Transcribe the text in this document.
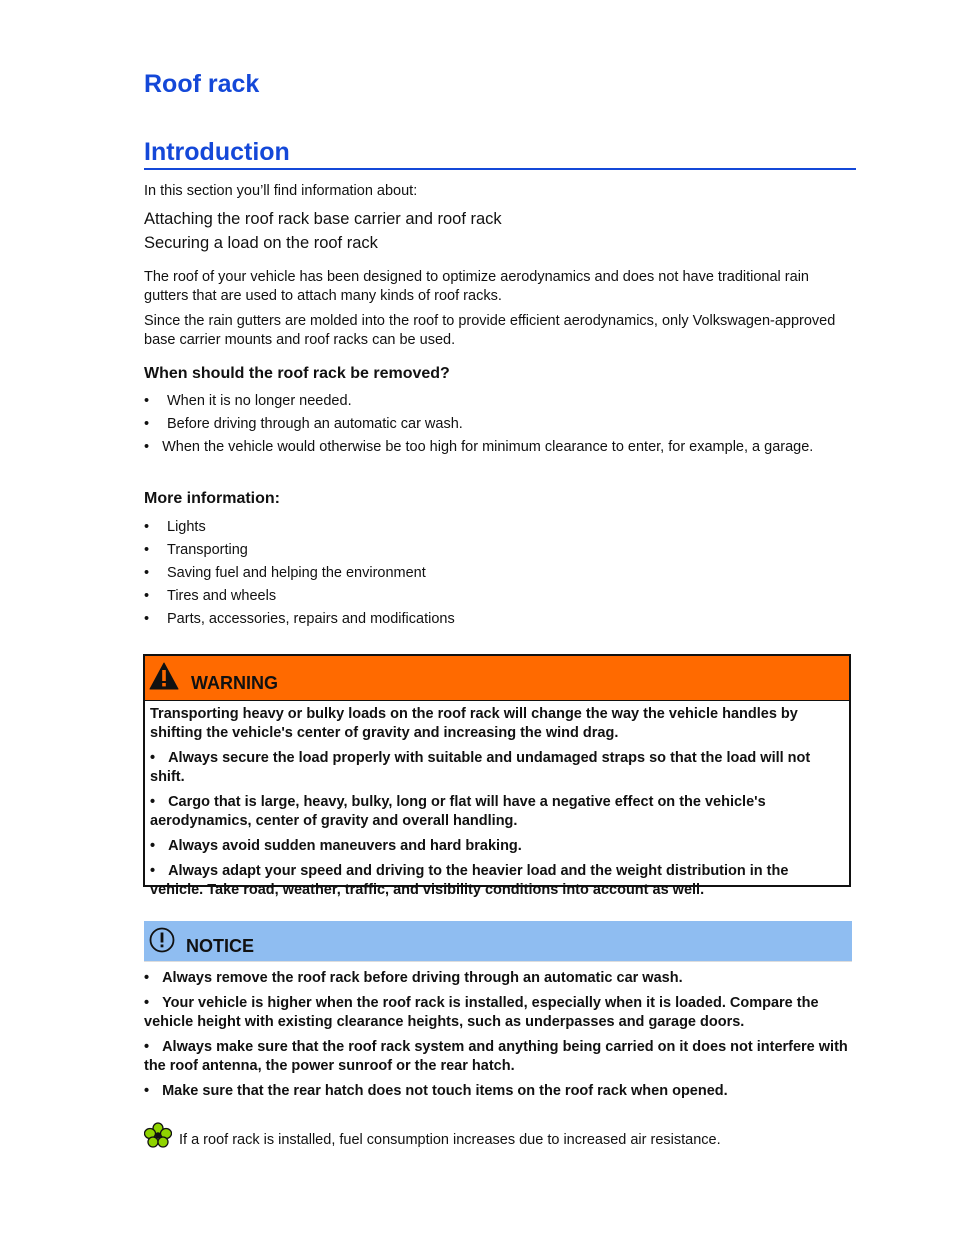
Roof rack
Introduction

In this section you’ll find information about:

Attaching the roof rack base carrier and roof rack

Securing a load on the roof rack

The roof of your vehicle has been designed to optimize aerodynamics and does not have traditional rain gutters that are used to attach many kinds of roof racks.

Since the rain gutters are molded into the roof to provide efficient aerodynamics, only Volkswagen-approved base carrier mounts and roof racks can be used.

When should the roof rack be removed?
• When it is no longer needed.
• Before driving through an automatic car wash.
• When the vehicle would otherwise be too high for minimum clearance to enter, for example, a garage.
More information:
• Lights
• Transporting
• Saving fuel and helping the environment
• Tires and wheels
• Parts, accessories, repairs and modifications
WARNING

Transporting heavy or bulky loads on the roof rack will change the way the vehicle handles by shifting the vehicle's center of gravity and increasing the wind drag.

• Always secure the load properly with suitable and undamaged straps so that the load will not shift.

• Cargo that is large, heavy, bulky, long or flat will have a negative effect on the vehicle's aerodynamics, center of gravity and overall handling.

• Always avoid sudden maneuvers and hard braking.

• Always adapt your speed and driving to the heavier load and the weight distribution in the vehicle. Take road, weather, traffic, and visibility conditions into account as well.

NOTICE

• Always remove the roof rack before driving through an automatic car wash.

• Your vehicle is higher when the roof rack is installed, especially when it is loaded. Compare the vehicle height with existing clearance heights, such as underpasses and garage doors.

• Always make sure that the roof rack system and anything being carried on it does not interfere with the roof antenna, the power sunroof or the rear hatch.

• Make sure that the rear hatch does not touch items on the roof rack when opened.

If a roof rack is installed, fuel consumption increases due to increased air resistance.
